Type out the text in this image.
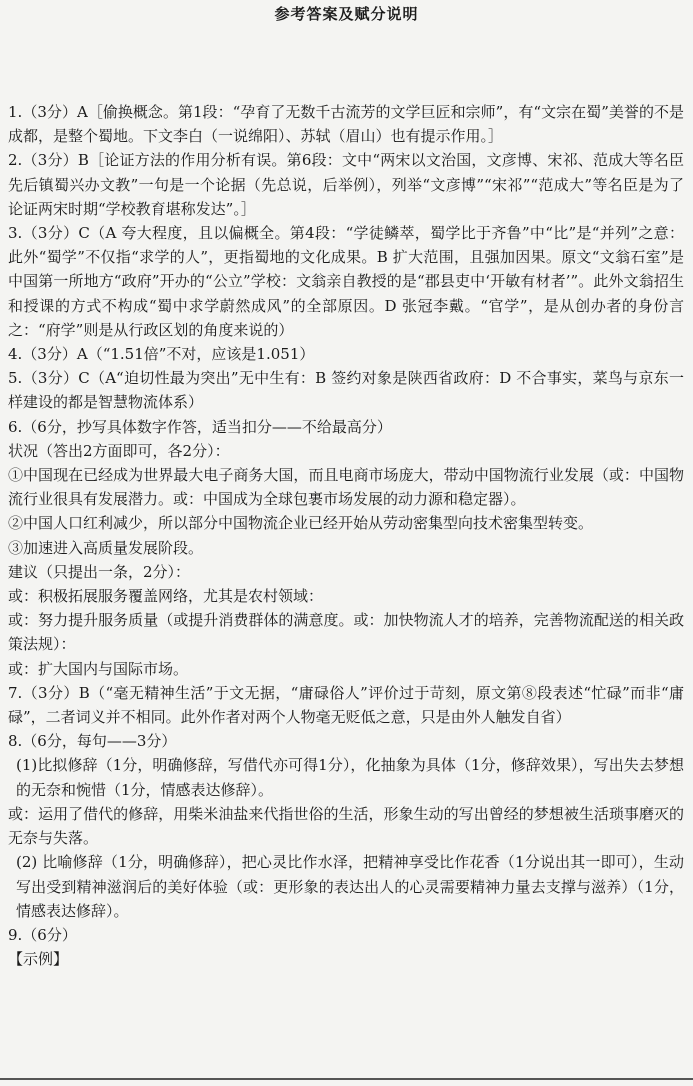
参考答案及赋分说明

1.（3分）A［偷换概念。第1段：“孕育了无数千古流芳的文学巨匠和宗师”，有“文宗在蜀”美誉的不是成都，是整个蜀地。下文李白（一说绵阳）、苏轼（眉山）也有提示作用。］

2.（3分）B［论证方法的作用分析有误。第6段：文中“两宋以文治国，文彦博、宋祁、范成大等名臣先后镇蜀兴办文教”一句是一个论据（先总说，后举例），列举“文彦博”“宋祁”“范成大”等名臣是为了论证两宋时期“学校教育堪称发达”。］

3.（3分）C（A 夸大程度，且以偏概全。第4段：“学徒鳞萃，蜀学比于齐鲁”中“比”是“并列”之意：此外“蜀学”不仅指“求学的人”，更指蜀地的文化成果。B 扩大范围，且强加因果。原文“文翁石室”是中国第一所地方“政府”开办的“公立”学校：文翁亲自教授的是“郡县吏中‘开敏有材者’”。此外文翁招生和授课的方式不构成“蜀中求学蔚然成风”的全部原因。D 张冠李戴。“官学”，是从创办者的身份言之：“府学”则是从行政区划的角度来说的）

4.（3分）A（“1.51倍”不对，应该是1.051）

5.（3分）C（A“迫切性最为突出”无中生有：B 签约对象是陕西省政府：D 不合事实，菜鸟与京东一样建设的都是智慧物流体系）

6.（6分，抄写具体数字作答，适当扣分——不给最高分）

状况（答出2方面即可，各2分）：

①中国现在已经成为世界最大电子商务大国，而且电商市场庞大，带动中国物流行业发展（或：中国物流行业很具有发展潜力。或：中国成为全球包裹市场发展的动力源和稳定器）。

②中国人口红利减少，所以部分中国物流企业已经开始从劳动密集型向技术密集型转变。

③加速进入高质量发展阶段。

建议（只提出一条，2分）：

或：积极拓展服务覆盖网络，尤其是农村领域：

或：努力提升服务质量（或提升消费群体的满意度。或：加快物流人才的培养，完善物流配送的相关政策法规）：

或：扩大国内与国际市场。

7.（3分）B（“毫无精神生活”于文无据，“庸碌俗人”评价过于苛刻，原文第⑧段表述“忙碌”而非“庸碌”，二者词义并不相同。此外作者对两个人物毫无贬低之意，只是由外人触发自省）

8.（6分，每句——3分）

(1)比拟修辞（1分，明确修辞，写借代亦可得1分），化抽象为具体（1分，修辞效果），写出失去梦想的无奈和惋惜（1分，情感表达修辞）。

或：运用了借代的修辞，用柴米油盐来代指世俗的生活，形象生动的写出曾经的梦想被生活琐事磨灭的无奈与失落。

(2) 比喻修辞（1分，明确修辞），把心灵比作水泽，把精神享受比作花香（1分说出其一即可），生动写出受到精神滋润后的美好体验（或：更形象的表达出人的心灵需要精神力量去支撑与滋养）（1分，情感表达修辞）。

9.（6分）

【示例】
